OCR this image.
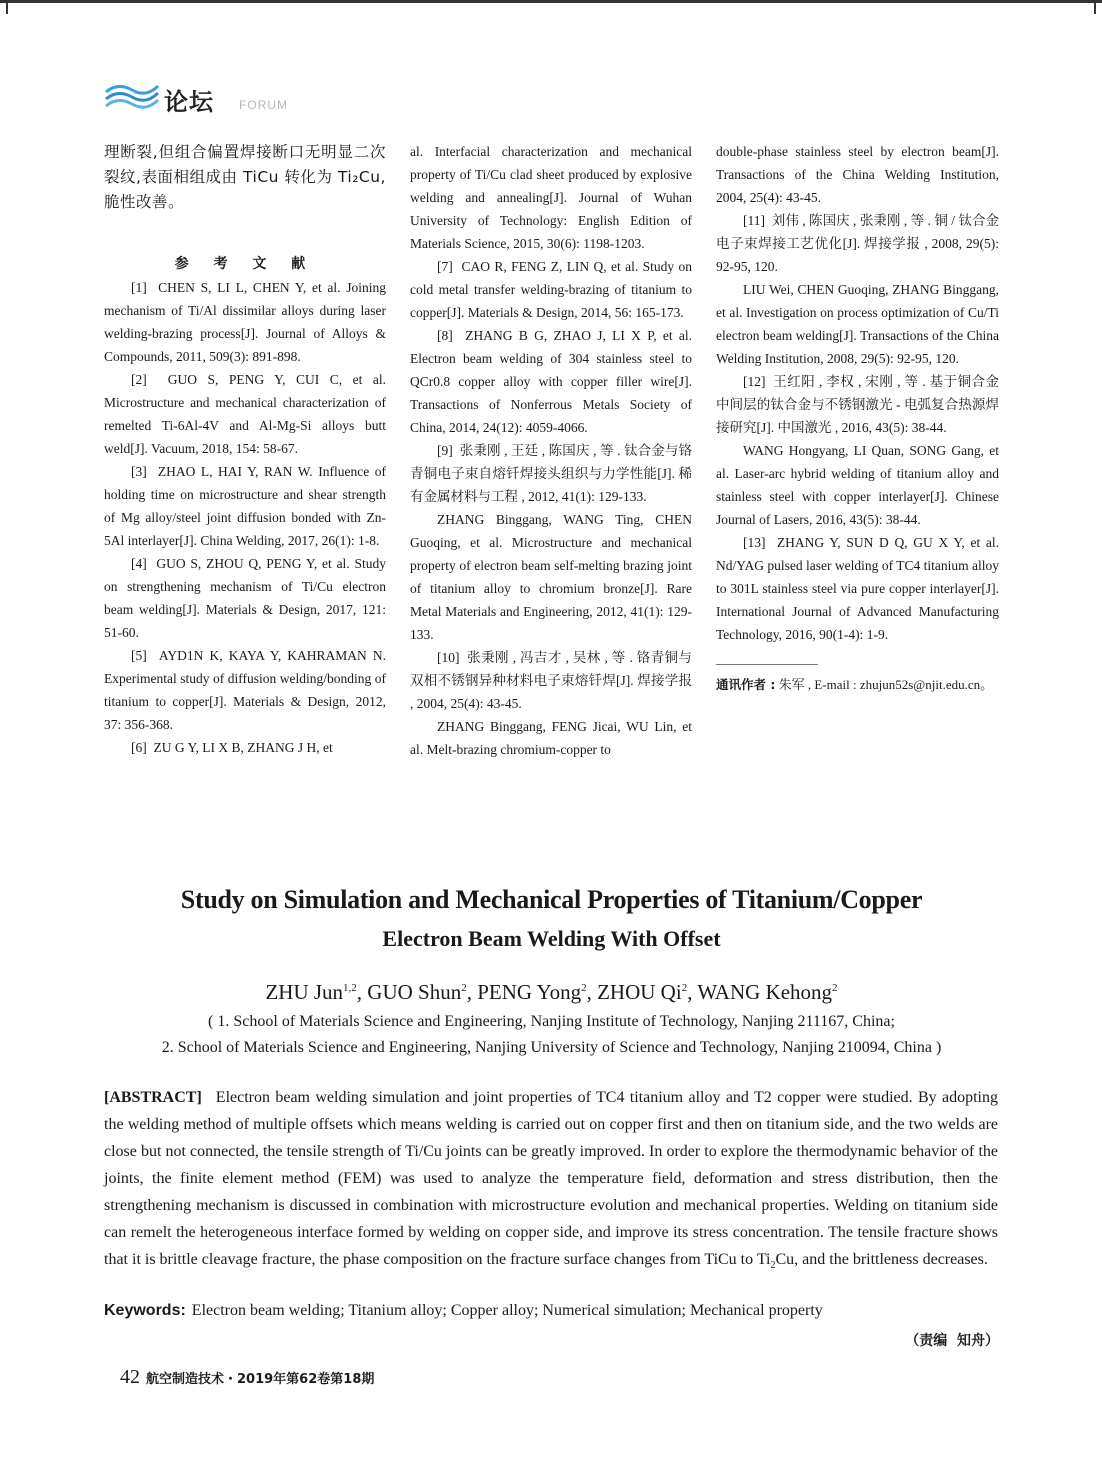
论坛 FORUM

理断裂,但组合偏置焊接断口无明显二次裂纹,表面相组成由 TiCu 转化为 Ti₂Cu,脆性改善。

参 考 文 献

[1]  CHEN S, LI L, CHEN Y, et al. Joining mechanism of Ti/Al dissimilar alloys during laser welding-brazing process[J]. Journal of Alloys & Compounds, 2011, 509(3): 891-898.

[2]  GUO S, PENG Y, CUI C, et al. Microstructure and mechanical characterization of remelted Ti-6Al-4V and Al-Mg-Si alloys butt weld[J]. Vacuum, 2018, 154: 58-67.

[3]  ZHAO L, HAI Y, RAN W. Influence of holding time on microstructure and shear strength of Mg alloy/steel joint diffusion bonded with Zn-5Al interlayer[J]. China Welding, 2017, 26(1): 1-8.

[4]  GUO S, ZHOU Q, PENG Y, et al. Study on strengthening mechanism of Ti/Cu electron beam welding[J]. Materials & Design, 2017, 121: 51-60.

[5]  AYD1N K, KAYA Y, KAHRAMAN N. Experimental study of diffusion welding/bonding of titanium to copper[J]. Materials & Design, 2012, 37: 356-368.

[6]  ZU G Y, LI X B, ZHANG J H, et

al. Interfacial characterization and mechanical property of Ti/Cu clad sheet produced by explosive welding and annealing[J]. Journal of Wuhan University of Technology: English Edition of Materials Science, 2015, 30(6): 1198-1203.

[7]  CAO R, FENG Z, LIN Q, et al. Study on cold metal transfer welding-brazing of titanium to copper[J]. Materials & Design, 2014, 56: 165-173.

[8]  ZHANG B G, ZHAO J, LI X P, et al. Electron beam welding of 304 stainless steel to QCr0.8 copper alloy with copper filler wire[J]. Transactions of Nonferrous Metals Society of China, 2014, 24(12): 4059-4066.

[9]  张秉刚 , 王廷 , 陈国庆 , 等 . 钛合金与铬青铜电子束自熔钎焊接头组织与力学性能[J]. 稀有金属材料与工程 , 2012, 41(1): 129-133.

ZHANG Binggang, WANG Ting, CHEN Guoqing, et al. Microstructure and mechanical property of electron beam self-melting brazing joint of titanium alloy to chromium bronze[J]. Rare Metal Materials and Engineering, 2012, 41(1): 129-133.

[10]  张秉刚 , 冯吉才 , 吴林 , 等 . 铬青铜与双相不锈钢异种材料电子束熔钎焊[J]. 焊接学报 , 2004, 25(4): 43-45.

ZHANG Binggang, FENG Jicai, WU Lin, et al. Melt-brazing chromium-copper to

double-phase stainless steel by electron beam[J]. Transactions of the China Welding Institution, 2004, 25(4): 43-45.

[11]  刘伟 , 陈国庆 , 张秉刚 , 等 . 铜 / 钛合金电子束焊接工艺优化[J]. 焊接学报 , 2008, 29(5): 92-95, 120.

LIU Wei, CHEN Guoqing, ZHANG Binggang, et al. Investigation on process optimization of Cu/Ti electron beam welding[J]. Transactions of the China Welding Institution, 2008, 29(5): 92-95, 120.

[12]  王红阳 , 李权 , 宋刚 , 等 . 基于铜合金中间层的钛合金与不锈钢激光 - 电弧复合热源焊接研究[J]. 中国激光 , 2016, 43(5): 38-44.

WANG Hongyang, LI Quan, SONG Gang, et al. Laser-arc hybrid welding of titanium alloy and stainless steel with copper interlayer[J]. Chinese Journal of Lasers, 2016, 43(5): 38-44.

[13]  ZHANG Y, SUN D Q, GU X Y, et al. Nd/YAG pulsed laser welding of TC4 titanium alloy to 301L stainless steel via pure copper interlayer[J]. International Journal of Advanced Manufacturing Technology, 2016, 90(1-4): 1-9.

通讯作者 : 朱军 , E-mail : zhujun52s@njit.edu.cn。

Study on Simulation and Mechanical Properties of Titanium/Copper
Electron Beam Welding With Offset
ZHU Jun$^{1,2}$, GUO Shun$^2$, PENG Yong$^2$, ZHOU Qi$^2$, WANG Kehong$^2$
( 1. School of Materials Science and Engineering, Nanjing Institute of Technology, Nanjing 211167, China;
2. School of Materials Science and Engineering, Nanjing University of Science and Technology, Nanjing 210094, China )

[ABSTRACT] Electron beam welding simulation and joint properties of TC4 titanium alloy and T2 copper were studied. By adopting the welding method of multiple offsets which means welding is carried out on copper first and then on titanium side, and the two welds are close but not connected, the tensile strength of Ti/Cu joints can be greatly improved. In order to explore the thermodynamic behavior of the joints, the finite element method (FEM) was used to analyze the temperature field, deformation and stress distribution, then the strengthening mechanism is discussed in combination with microstructure evolution and mechanical properties. Welding on titanium side can remelt the heterogeneous interface formed by welding on copper side, and improve its stress concentration. The tensile fracture shows that it is brittle cleavage fracture, the phase composition on the fracture surface changes from TiCu to $Ti_2Cu$, and the brittleness decreases.

Keywords: Electron beam welding; Titanium alloy; Copper alloy; Numerical simulation; Mechanical property

（责编  知舟）
42 航空制造技术・2019年第62卷第18期
